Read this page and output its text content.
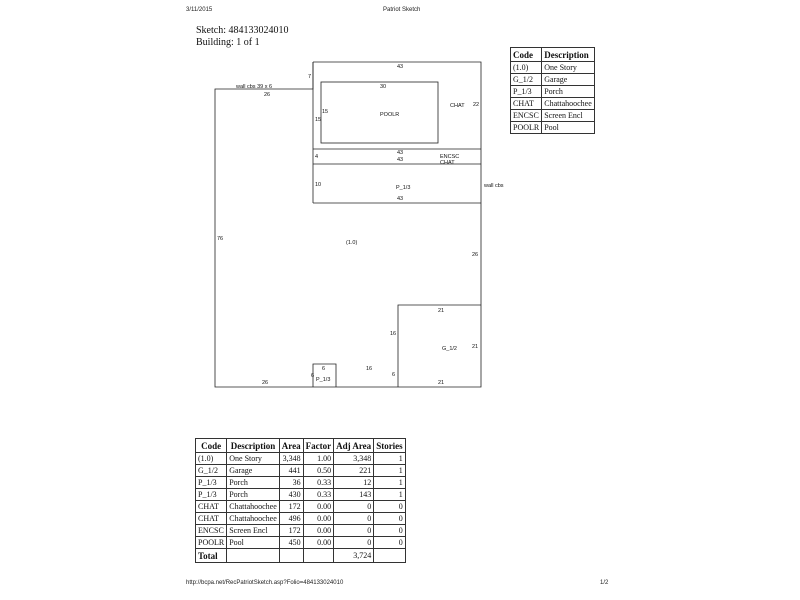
3/11/2015	Patriot Sketch
Sketch: 484133024010
Building: 1 of 1
wall cbs 39 x 6
wall cbs
POOLR
CHAT
ENCSC
CHAT
P_1/3
(1.0)
G_1/2
P_1/3
43
7
26
30
15
15
22
4
43
43
10
43
76
26
21
16
21
21
6
26
16
6
6
Code	Description
(1.0)	One Story
G_1/2	Garage
P_1/3	Porch
CHAT	Chattahoochee
ENCSC	Screen Encl
POOLR	Pool
Code	Description	Area	Factor	Adj Area	Stories
(1.0)	One Story	3,348	1.00	3,348	1
G_1/2	Garage	441	0.50	221	1
P_1/3	Porch	36	0.33	12	1
P_1/3	Porch	430	0.33	143	1
CHAT	Chattahoochee	172	0.00	0	0
CHAT	Chattahoochee	496	0.00	0	0
ENCSC	Screen Encl	172	0.00	0	0
POOLR	Pool	450	0.00	0	0
Total				3,724	
http://bcpa.net/RecPatriotSketch.asp?Folio=484133024010	1/2
